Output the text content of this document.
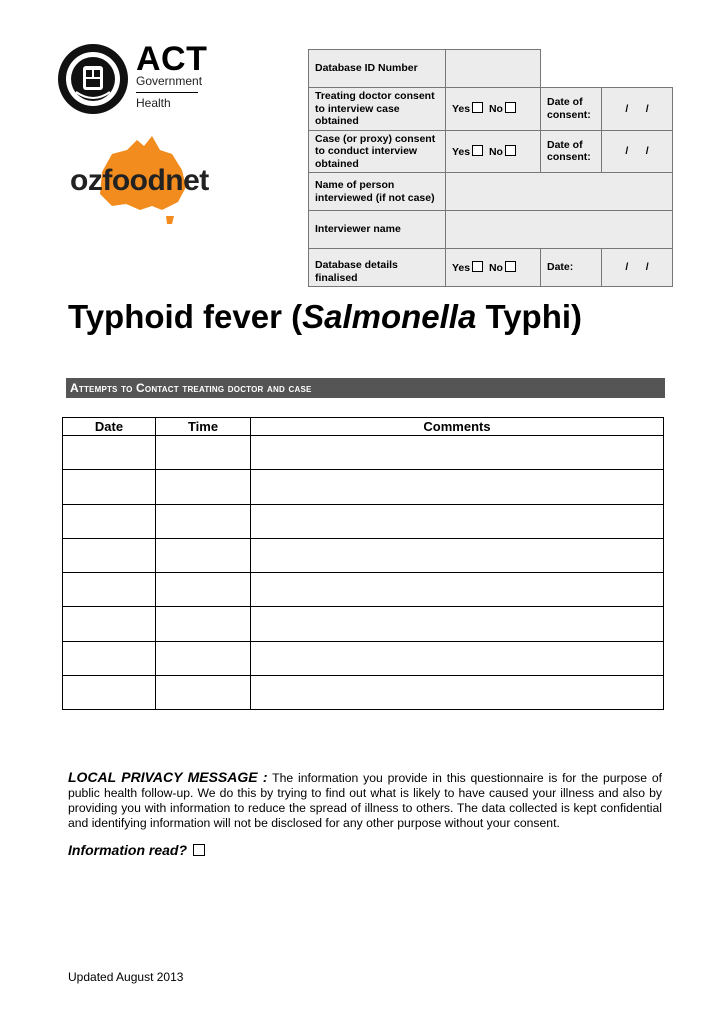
ACT
Government
Health
ozfoodnet
Database ID Number			
Treating doctor consent to interview case obtained	Yes No	Date of consent:	/      /
Case (or proxy) consent to conduct interview obtained	Yes No	Date of consent:	/      /
Name of person interviewed (if not case)			
Interviewer name			
Database details finalised	Yes No	Date:	/      /
Typhoid fever (Salmonella Typhi)
Attempts to Contact treating doctor and case
Date	Time	Comments

LOCAL PRIVACY MESSAGE : The information you provide in this questionnaire is for the purpose of public health follow-up. We do this by trying to find out what is likely to have caused your illness and also by providing you with information to reduce the spread of illness to others. The data collected is kept confidential and identifying information will not be disclosed for any other purpose without your consent.
Information read?
Updated August 2013
